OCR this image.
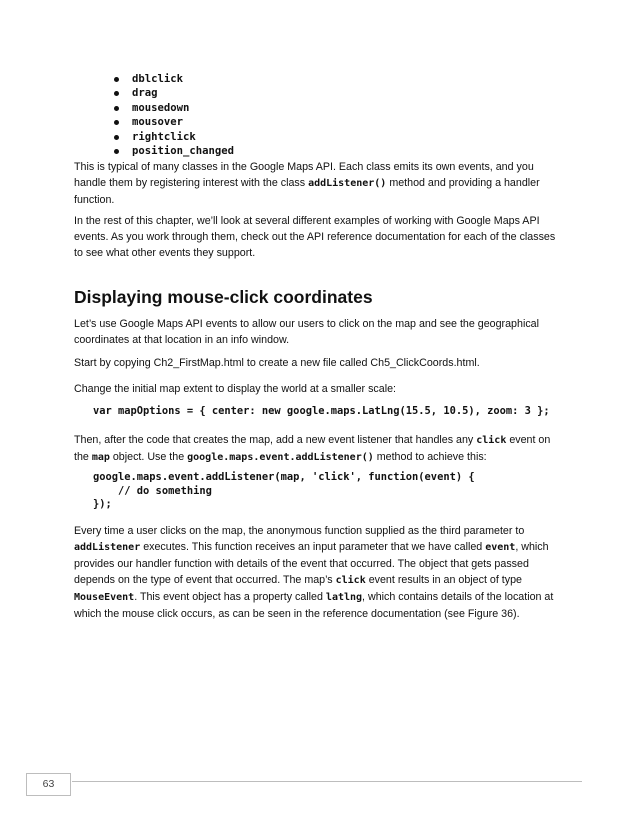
dblclick
drag
mousedown
mousover
rightclick
position_changed

This is typical of many classes in the Google Maps API. Each class emits its own events, and you handle them by registering interest with the class addListener() method and providing a handler function.

In the rest of this chapter, we’ll look at several different examples of working with Google Maps API events. As you work through them, check out the API reference documentation for each of the classes to see what other events they support.

Displaying mouse-click coordinates

Let’s use Google Maps API events to allow our users to click on the map and see the geographical coordinates at that location in an info window.

Start by copying Ch2_FirstMap.html to create a new file called Ch5_ClickCoords.html.

Change the initial map extent to display the world at a smaller scale:

var mapOptions = { center: new google.maps.LatLng(15.5, 10.5), zoom: 3 };

Then, after the code that creates the map, add a new event listener that handles any click event on the map object. Use the google.maps.event.addListener() method to achieve this:

google.maps.event.addListener(map, 'click', function(event) {
// do something
});

Every time a user clicks on the map, the anonymous function supplied as the third parameter to addListener executes. This function receives an input parameter that we have called event, which provides our handler function with details of the event that occurred. The object that gets passed depends on the type of event that occurred. The map’s click event results in an object of type MouseEvent. This event object has a property called latlng, which contains details of the location at which the mouse click occurs, as can be seen in the reference documentation (see Figure 36).

63
